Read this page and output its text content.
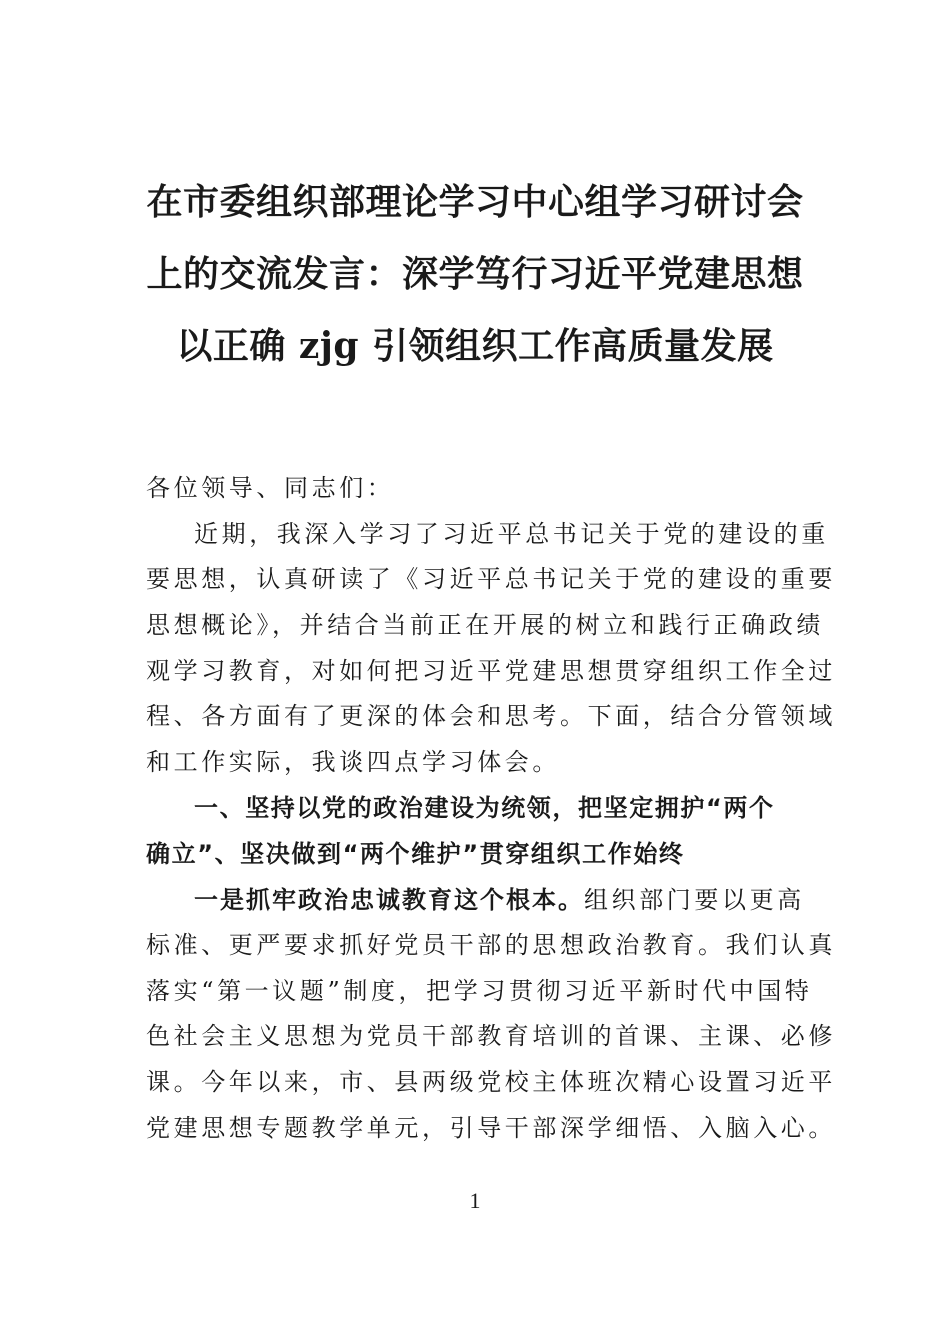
在市委组织部理论学习中心组学习研讨会
上的交流发言：深学笃行习近平党建思想
以正确 zjg 引领组织工作高质量发展
各位领导、同志们：
近期，我深入学习了习近平总书记关于党的建设的重
要思想，认真研读了《习近平总书记关于党的建设的重要
思想概论》，并结合当前正在开展的树立和践行正确政绩
观学习教育，对如何把习近平党建思想贯穿组织工作全过
程、各方面有了更深的体会和思考。下面，结合分管领域
和工作实际，我谈四点学习体会。
一、坚持以党的政治建设为统领，把坚定拥护“两个
确立”、坚决做到“两个维护”贯穿组织工作始终
一是抓牢政治忠诚教育这个根本。组织部门要以更高
标准、更严要求抓好党员干部的思想政治教育。我们认真
落实“第一议题”制度，把学习贯彻习近平新时代中国特
色社会主义思想为党员干部教育培训的首课、主课、必修
课。今年以来，市、县两级党校主体班次精心设置习近平
党建思想专题教学单元，引导干部深学细悟、入脑入心。
1
